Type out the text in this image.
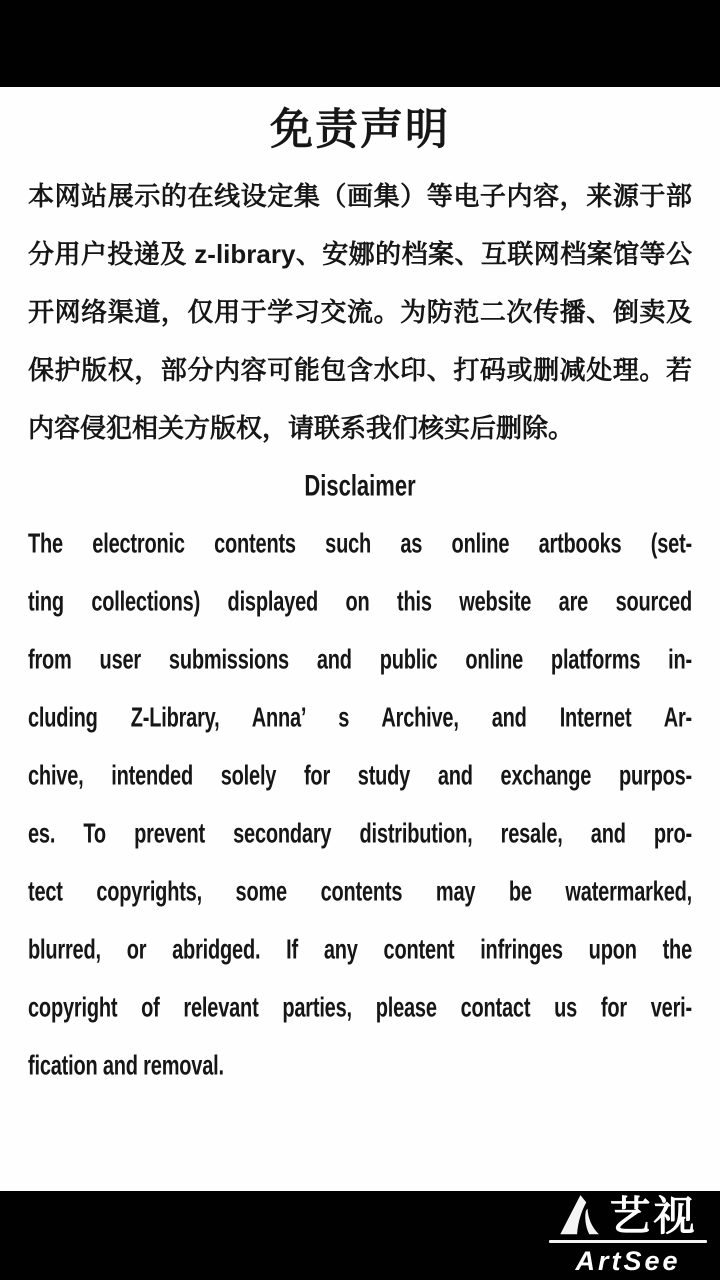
免责声明
本网站展示的在线设定集（画集）等电子内容，来源于部
分用户投递及 z-library、安娜的档案、互联网档案馆等公
开网络渠道，仅用于学习交流。为防范二次传播、倒卖及
保护版权，部分内容可能包含水印、打码或删减处理。若
内容侵犯相关方版权，请联系我们核实后删除。
Disclaimer
The electronic contents such as online artbooks (set-
ting collections) displayed on this website are sourced
from user submissions and public online platforms in-
cluding Z-Library, Anna’ s Archive, and Internet Ar-
chive, intended solely for study and exchange purpos-
es. To prevent secondary distribution, resale, and pro-
tect copyrights, some contents may be watermarked,
blurred, or abridged. If any content infringes upon the
copyright of relevant parties, please contact us for veri-
fication and removal.
艺视
ArtSee
